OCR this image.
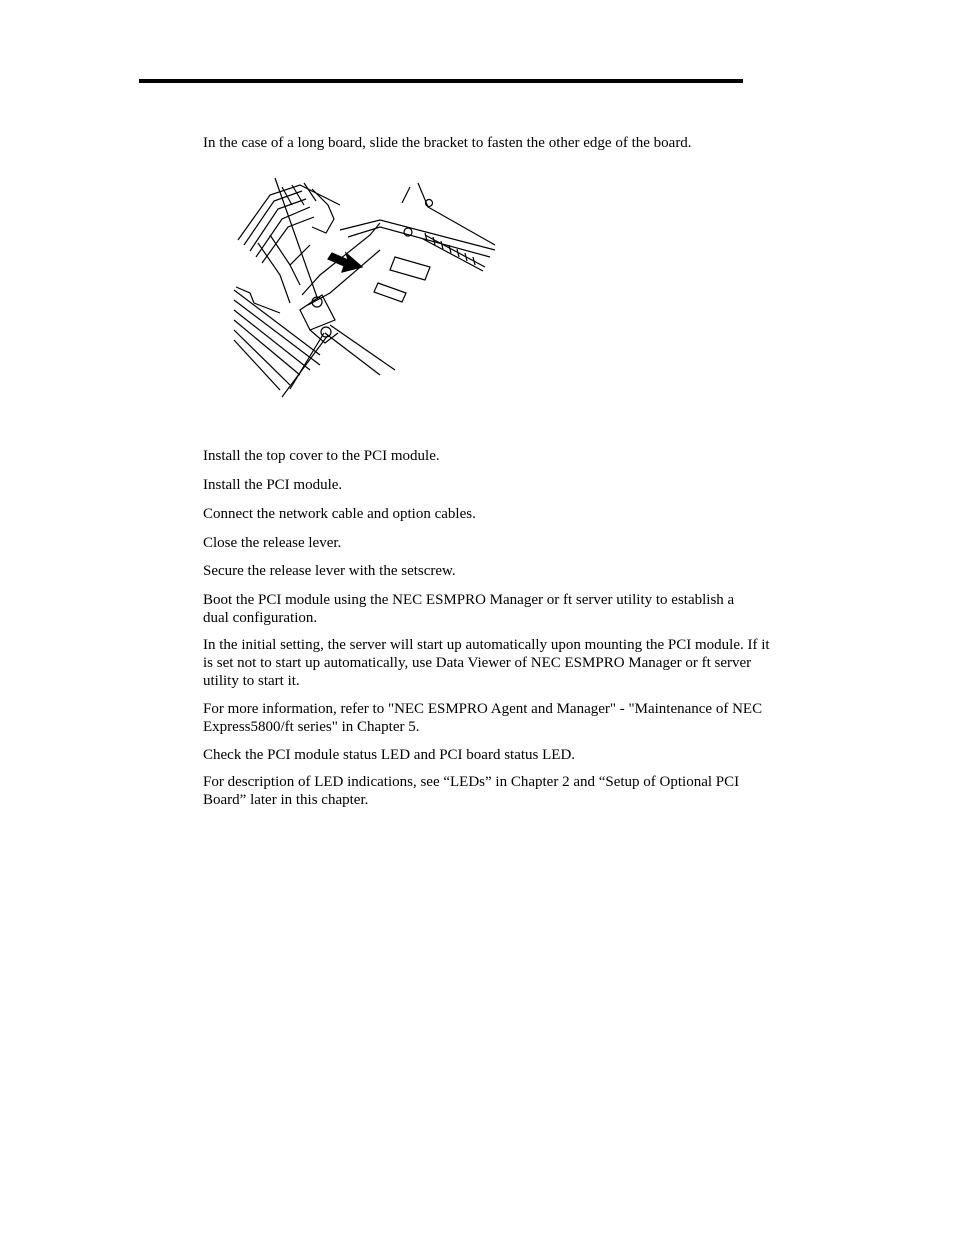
In the case of a long board, slide the bracket to fasten the other edge of the board.

Install the top cover to the PCI module.

Install the PCI module.

Connect the network cable and option cables.

Close the release lever.

Secure the release lever with the setscrew.

Boot the PCI module using the NEC ESMPRO Manager or ft server utility to establish a dual configuration.

In the initial setting, the server will start up automatically upon mounting the PCI module. If it is set not to start up automatically, use Data Viewer of NEC ESMPRO Manager or ft server utility to start it.

For more information, refer to "NEC ESMPRO Agent and Manager" - "Maintenance of NEC Express5800/ft series" in Chapter 5.

Check the PCI module status LED and PCI board status LED.

For description of LED indications, see “LEDs” in Chapter 2 and “Setup of Optional PCI Board” later in this chapter.
